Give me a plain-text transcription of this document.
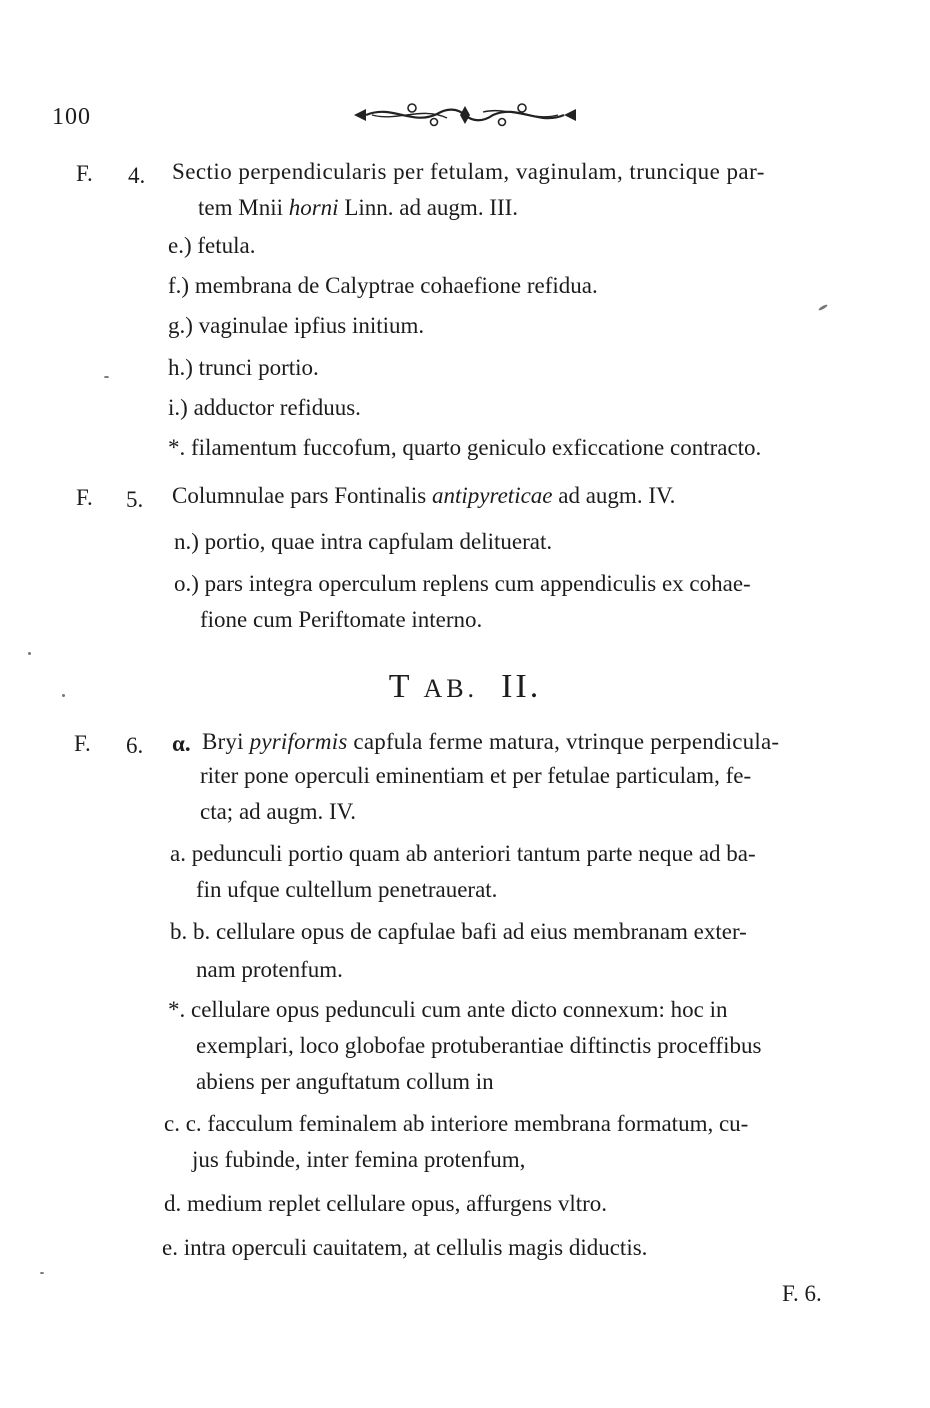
100
F. 4. Sectio perpendicularis per fetulam, vaginulam, truncique par-
tem Mnii horni Linn. ad augm. III.
e.) fetula.
f.) membrana de Calyptrae cohaefione refidua.
g.) vaginulae ipfius initium.
h.) trunci portio.
i.) adductor refiduus.
*. filamentum fuccofum, quarto geniculo exficcatione contracto.
F. 5. Columnulae pars Fontinalis antipyreticae ad augm. IV.
n.) portio, quae intra capfulam delituerat.
o.) pars integra operculum replens cum appendiculis ex cohae-
fione cum Periftomate interno.
T AB. II.
F. 6. α. Bryi pyriformis capfula ferme matura, vtrinque perpendicula-
riter pone operculi eminentiam et per fetulae particulam, fe-
cta; ad augm. IV.
a. pedunculi portio quam ab anteriori tantum parte neque ad ba-
fin ufque cultellum penetrauerat.
b. b. cellulare opus de capfulae bafi ad eius membranam exter-
nam protenfum.
*. cellulare opus pedunculi cum ante dicto connexum: hoc in
exemplari, loco globofae protuberantiae diftinctis proceffibus
abiens per anguftatum collum in
c. c. facculum feminalem ab interiore membrana formatum, cu-
jus fubinde, inter femina protenfum,
d. medium replet cellulare opus, affurgens vltro.
e. intra operculi cauitatem, at cellulis magis diductis.
F. 6.
